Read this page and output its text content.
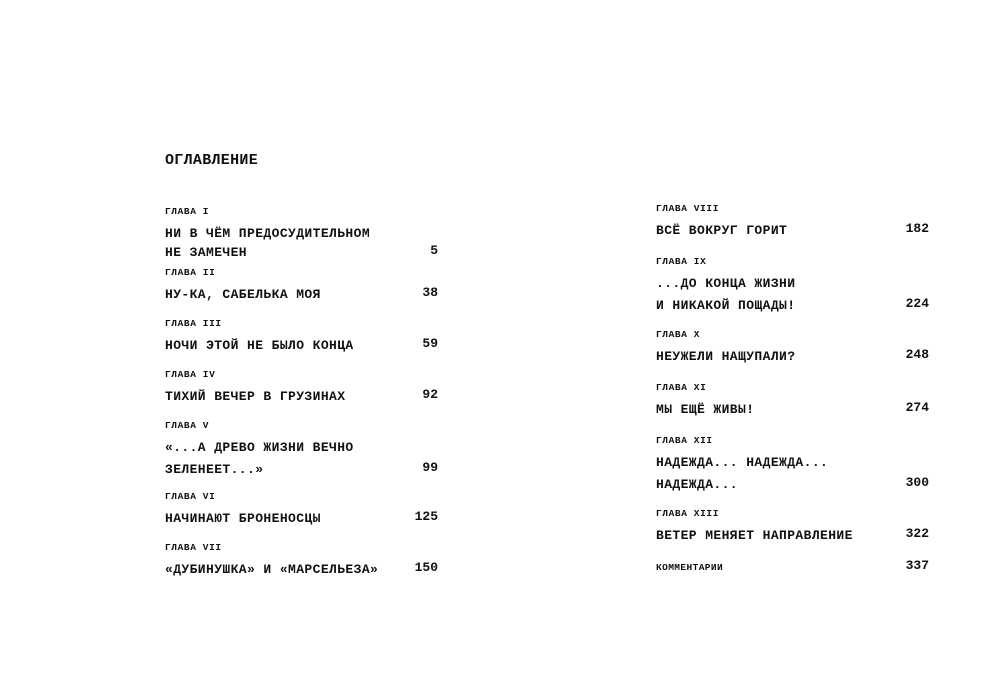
ОГЛАВЛЕНИЕ
ГЛАВА I
НИ В ЧЁМ ПРЕДОСУДИТЕЛЬНОМ
НЕ ЗАМЕЧЕН	5
ГЛАВА II
НУ-КА, САБЕЛЬКА МОЯ	38
ГЛАВА III
НОЧИ ЭТОЙ НЕ БЫЛО КОНЦА	59
ГЛАВА IV
ТИХИЙ ВЕЧЕР В ГРУЗИНАХ	92
ГЛАВА V
«...А ДРЕВО ЖИЗНИ ВЕЧНО
ЗЕЛЕНЕЕТ...»	99
ГЛАВА VI
НАЧИНАЮТ БРОНЕНОСЦЫ	125
ГЛАВА VII
«ДУБИНУШКА» И «МАРСЕЛЬЕЗА»	150
ГЛАВА VIII
ВСЁ ВОКРУГ ГОРИТ	182
ГЛАВА IX
...ДО КОНЦА ЖИЗНИ
И НИКАКОЙ ПОЩАДЫ!	224
ГЛАВА X
НЕУЖЕЛИ НАЩУПАЛИ?	248
ГЛАВА XI
МЫ ЕЩЁ ЖИВЫ!	274
ГЛАВА XII
НАДЕЖДА... НАДЕЖДА...
НАДЕЖДА...	300
ГЛАВА XIII
ВЕТЕР МЕНЯЕТ НАПРАВЛЕНИЕ	322
КОММЕНТАРИИ	337
